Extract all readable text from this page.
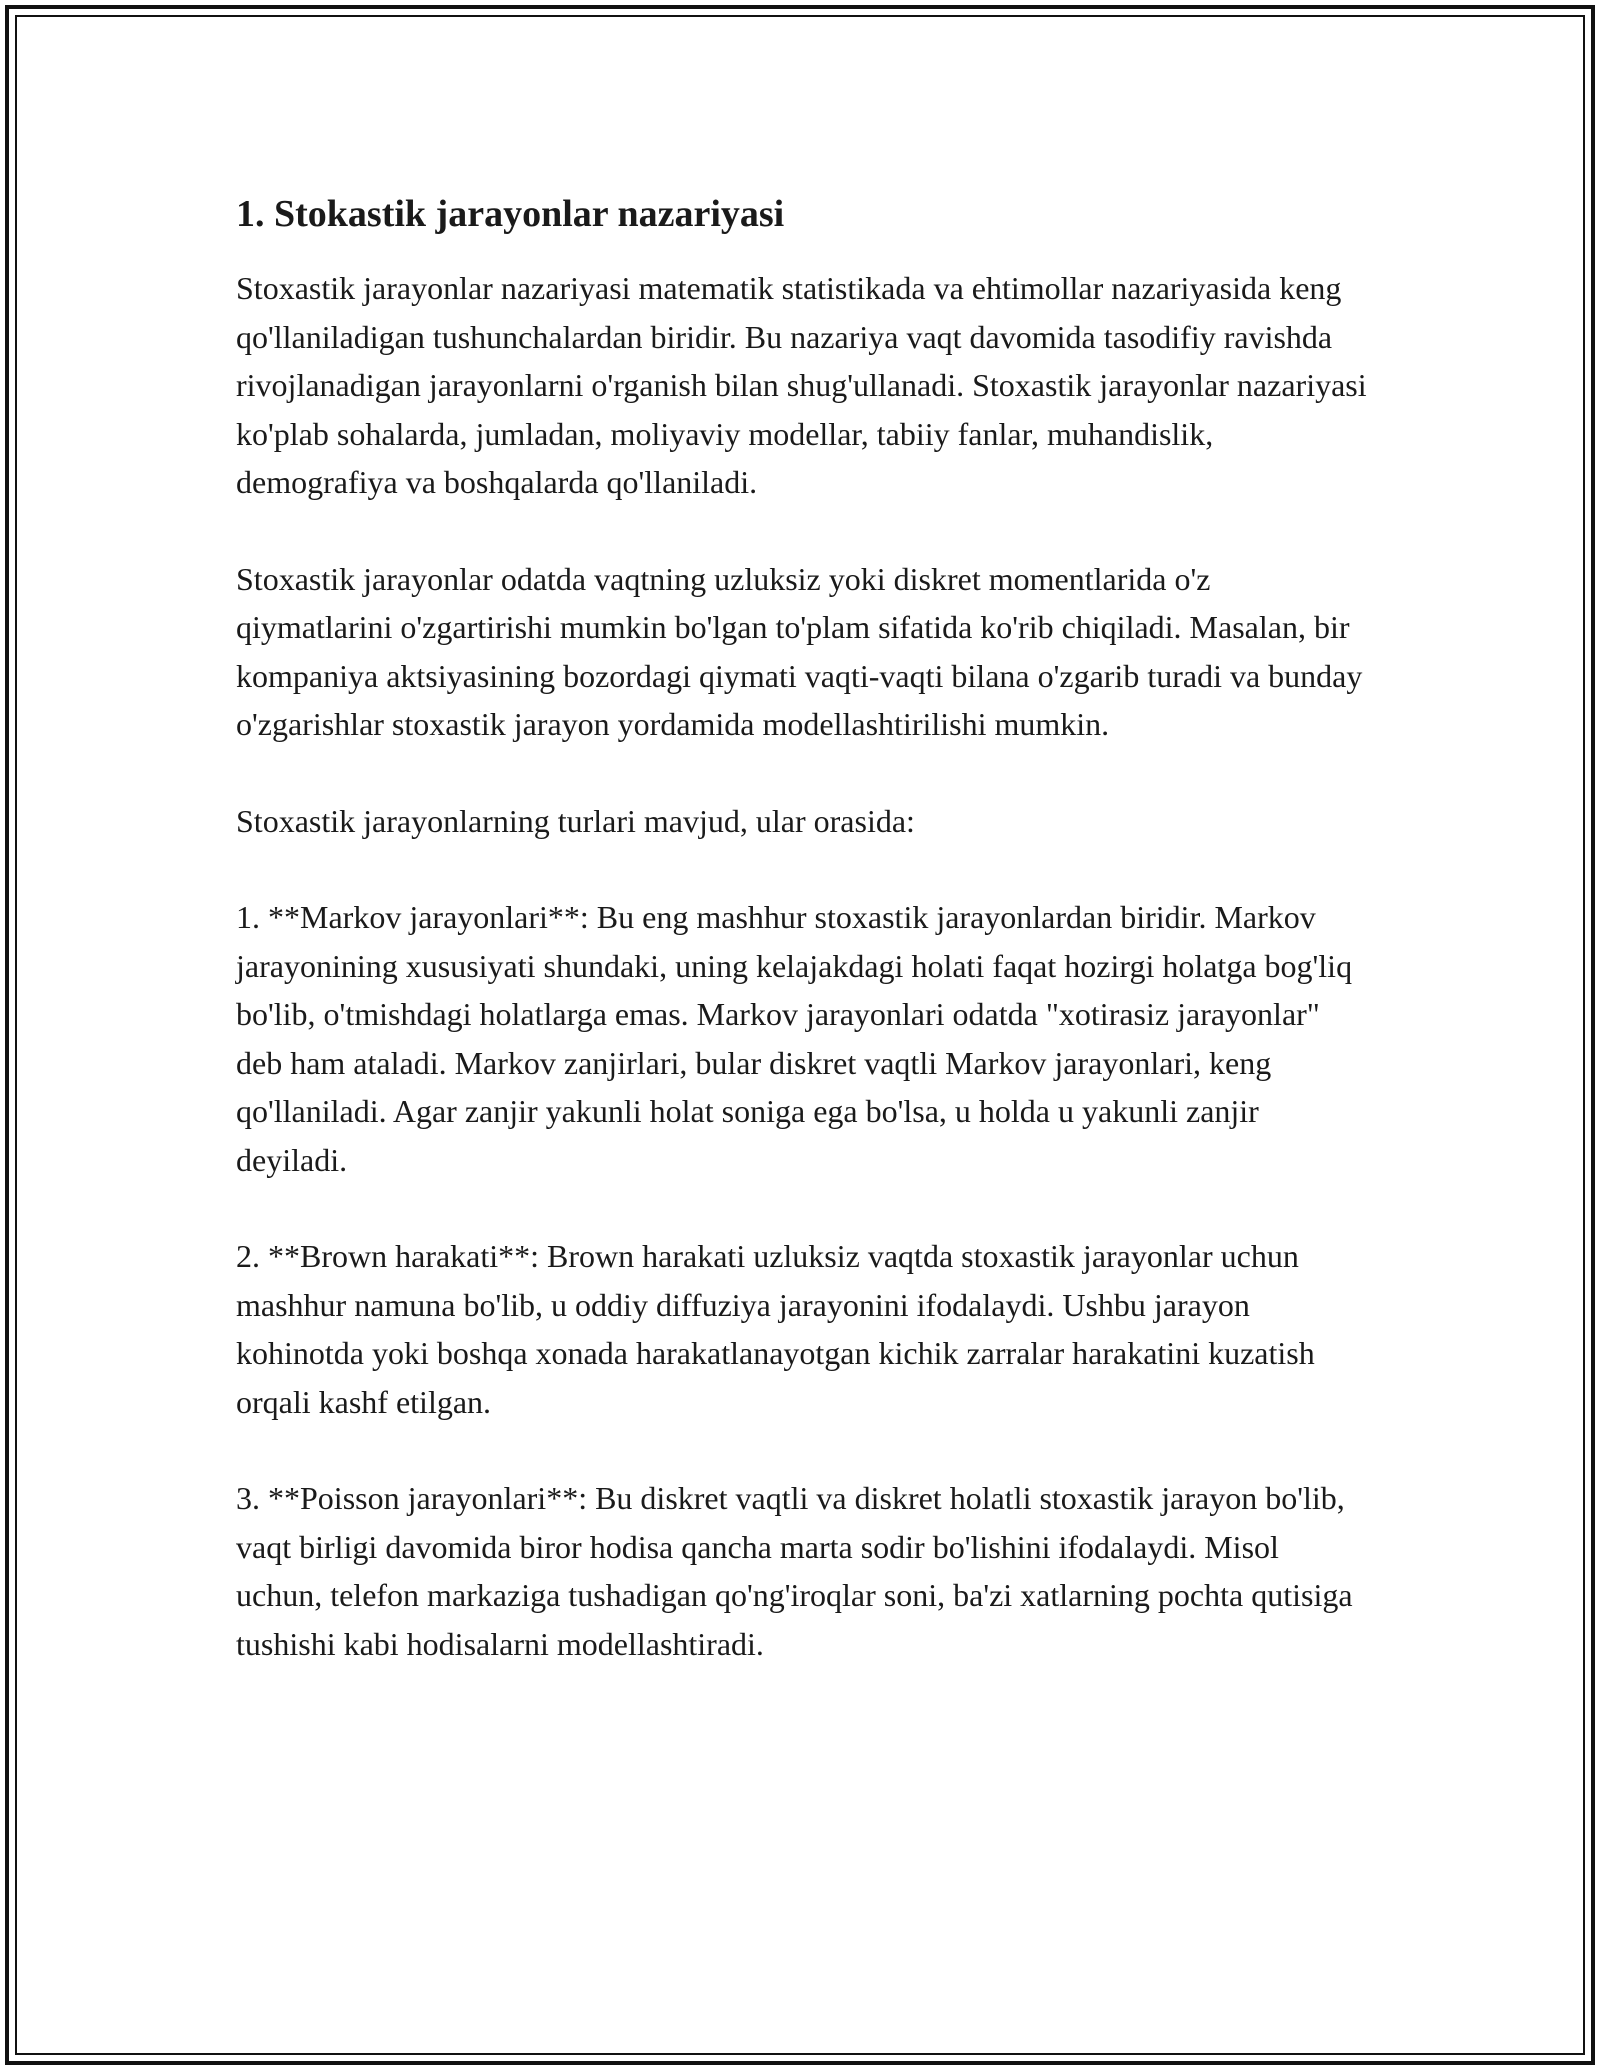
1. Stokastik jarayonlar nazariyasi

Stoxastik jarayonlar nazariyasi matematik statistikada va ehtimollar nazariyasida keng qo'llaniladigan tushunchalardan biridir. Bu nazariya vaqt davomida tasodifiy ravishda rivojlanadigan jarayonlarni o'rganish bilan shug'ullanadi. Stoxastik jarayonlar nazariyasi ko'plab sohalarda, jumladan, moliyaviy modellar, tabiiy fanlar, muhandislik, demografiya va boshqalarda qo'llaniladi.

Stoxastik jarayonlar odatda vaqtning uzluksiz yoki diskret momentlarida o'z qiymatlarini o'zgartirishi mumkin bo'lgan to'plam sifatida ko'rib chiqiladi. Masalan, bir kompaniya aktsiyasining bozordagi qiymati vaqti-vaqti bilana o'zgarib turadi va bunday o'zgarishlar stoxastik jarayon yordamida modellashtirilishi mumkin.

Stoxastik jarayonlarning turlari mavjud, ular orasida:

1. **Markov jarayonlari**: Bu eng mashhur stoxastik jarayonlardan biridir. Markov jarayonining xususiyati shundaki, uning kelajakdagi holati faqat hozirgi holatga bog'liq bo'lib, o'tmishdagi holatlarga emas. Markov jarayonlari odatda "xotirasiz jarayonlar" deb ham ataladi. Markov zanjirlari, bular diskret vaqtli Markov jarayonlari, keng qo'llaniladi. Agar zanjir yakunli holat soniga ega bo'lsa, u holda u yakunli zanjir deyiladi.

2. **Brown harakati**: Brown harakati uzluksiz vaqtda stoxastik jarayonlar uchun mashhur namuna bo'lib, u oddiy diffuziya jarayonini ifodalaydi. Ushbu jarayon kohinotda yoki boshqa xonada harakatlanayotgan kichik zarralar harakatini kuzatish orqali kashf etilgan.

3. **Poisson jarayonlari**: Bu diskret vaqtli va diskret holatli stoxastik jarayon bo'lib, vaqt birligi davomida biror hodisa qancha marta sodir bo'lishini ifodalaydi. Misol uchun, telefon markaziga tushadigan qo'ng'iroqlar soni, ba'zi xatlarning pochta qutisiga tushishi kabi hodisalarni modellashtiradi.
